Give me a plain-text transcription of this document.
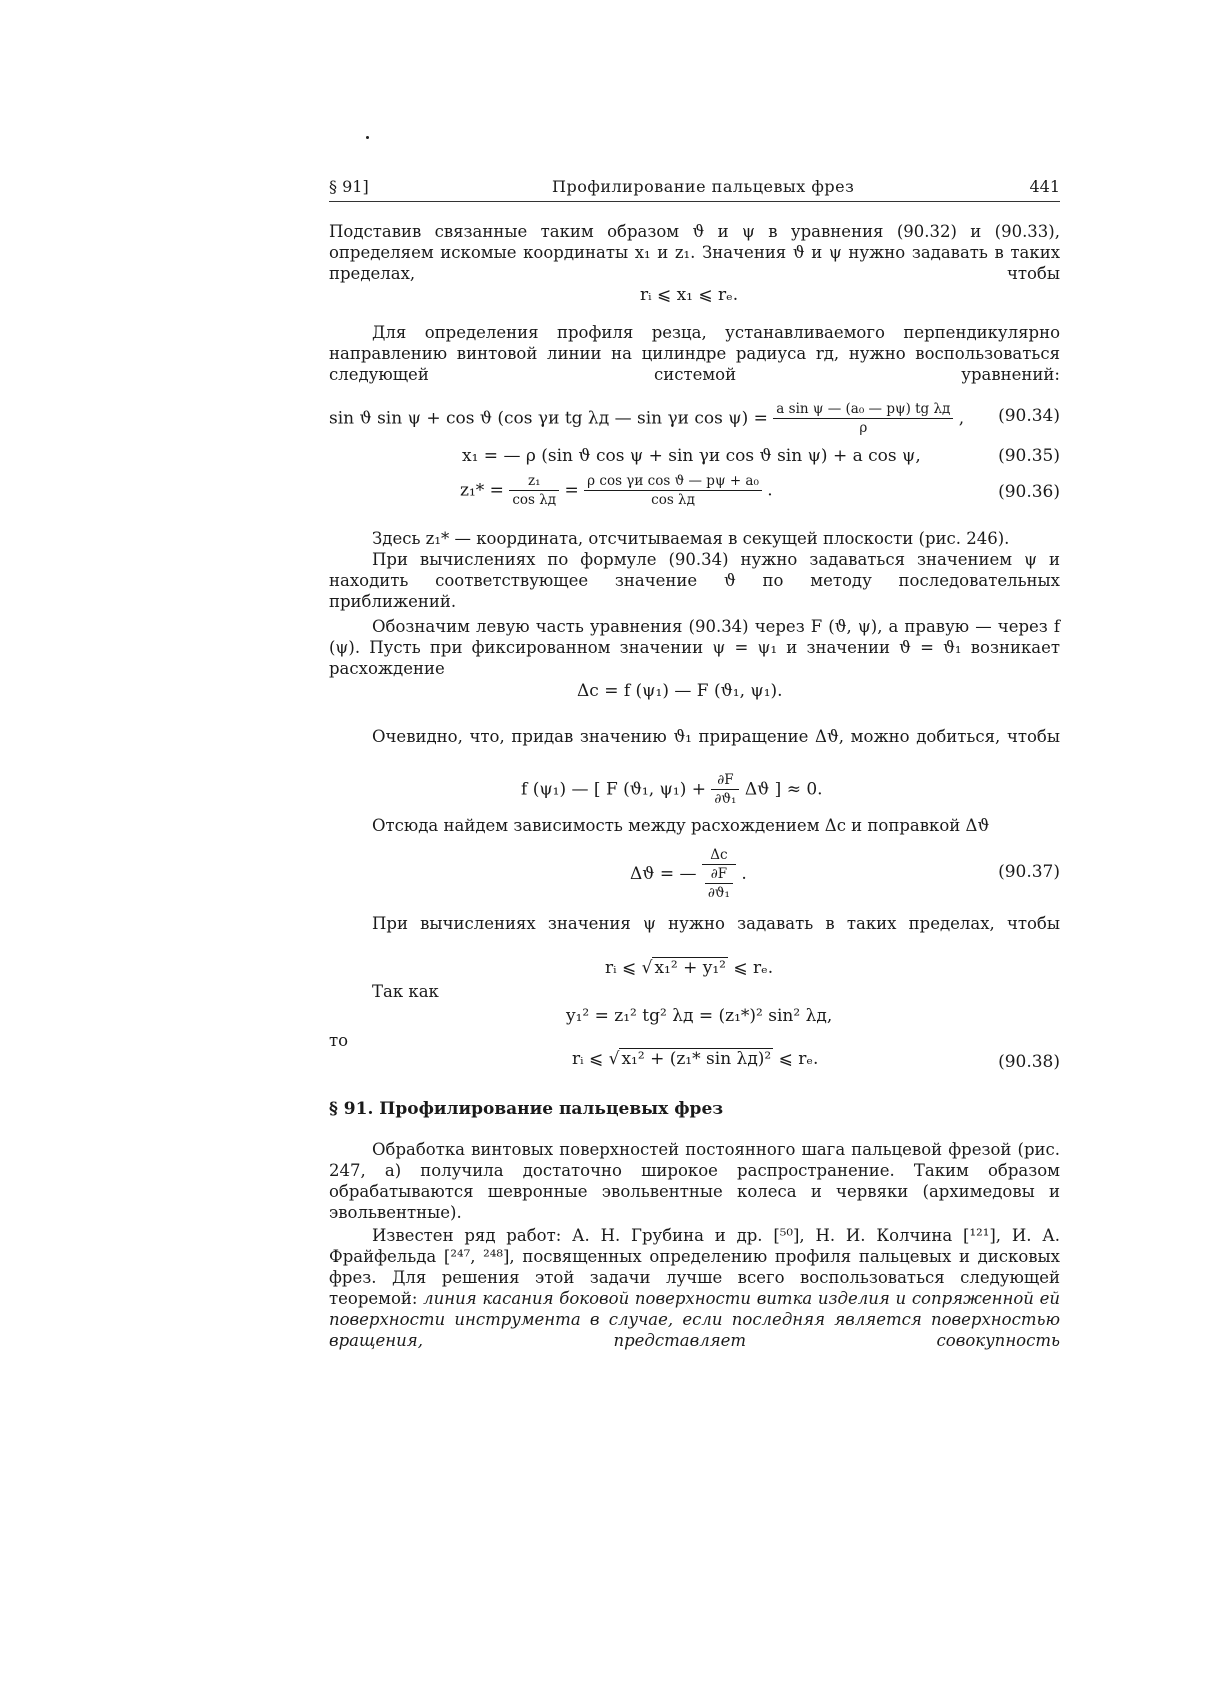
§ 91]	Профилирование пальцевых фрез	441
Подставив связанные таким образом ϑ и ψ в уравнения (90.32) и (90.33), определяем искомые координаты x₁ и z₁. Значения ϑ и ψ нужно задавать в таких пределах, чтобы
rᵢ ⩽ x₁ ⩽ rₑ.
Для определения профиля резца, устанавливаемого перпендикулярно направлению винтовой линии на цилиндре радиуса rд, нужно воспользоваться следующей системой уравнений:
sin ϑ sin ψ + cos ϑ (cos γи tg λд — sin γи $\cos \psi) = \frac{\text{a sin ψ — (a₀ — pψ) tg λд}}{\rho}$ , (90.34)
x₁ = — ρ (sin ϑ cos ψ + sin γи cos ϑ sin ψ) + a cos ψ,	(90.35)
$z_1* = \frac{\text{z₁}}{\text{cos λд}} = \frac{\text{ρ cos γи cos ϑ — pψ + a₀}}{\text{cos λд}}$ .	(90.36)
Здесь z₁* — координата, отсчитываемая в секущей плоскости (рис. 246).
При вычислениях по формуле (90.34) нужно задаваться значением ψ и находить соответствующее значение ϑ по методу последовательных приближений.
Обозначим левую часть уравнения (90.34) через F (ϑ, ψ), а правую — через f (ψ). Пусть при фиксированном значении ψ = ψ₁ и значении ϑ = ϑ₁ возникает расхождение
Δc = f (ψ₁) — F (ϑ₁, ψ₁).
Очевидно, что, придав значению ϑ₁ приращение Δϑ, можно добиться, чтобы
f (ψ₁) — [ F (ϑ₁, $\psi_1) + \frac{\partial F}{\text{∂ϑ₁}}$ Δϑ ] ≈ 0.
Отсюда найдем зависимость между расхождением Δc и поправкой Δϑ
Δϑ = — $\frac{\Delta c}{\frac{\partial F}{\text{∂ϑ₁}}}$ .	(90.37)
При вычислениях значения ψ нужно задавать в таких пределах, чтобы
rᵢ ⩽ √ x₁² + y₁² ⩽ rₑ.
Так как
y₁² = z₁² tg² λд = (z₁*)² sin² λд,
то
rᵢ ⩽ √ x₁² + (z₁* sin λд)² ⩽ rₑ.	(90.38)
§ 91. Профилирование пальцевых фрез
Обработка винтовых поверхностей постоянного шага пальцевой фрезой (рис. 247, а) получила достаточно широкое распространение. Таким образом обрабатываются шевронные эвольвентные колеса и червяки (архимедовы и эвольвентные).
Известен ряд работ: А. Н. Грубина и др. [⁵⁰], Н. И. Колчина [¹²¹], И. А. Фрайфельда [²⁴⁷, ²⁴⁸], посвященных определению профиля пальцевых и дисковых фрез. Для решения этой задачи лучше всего воспользоваться следующей теоремой: линия касания боковой поверхности витка изделия и сопряженной ей поверхности инструмента в случае, если последняя является поверхностью вращения, представляет совокупность
